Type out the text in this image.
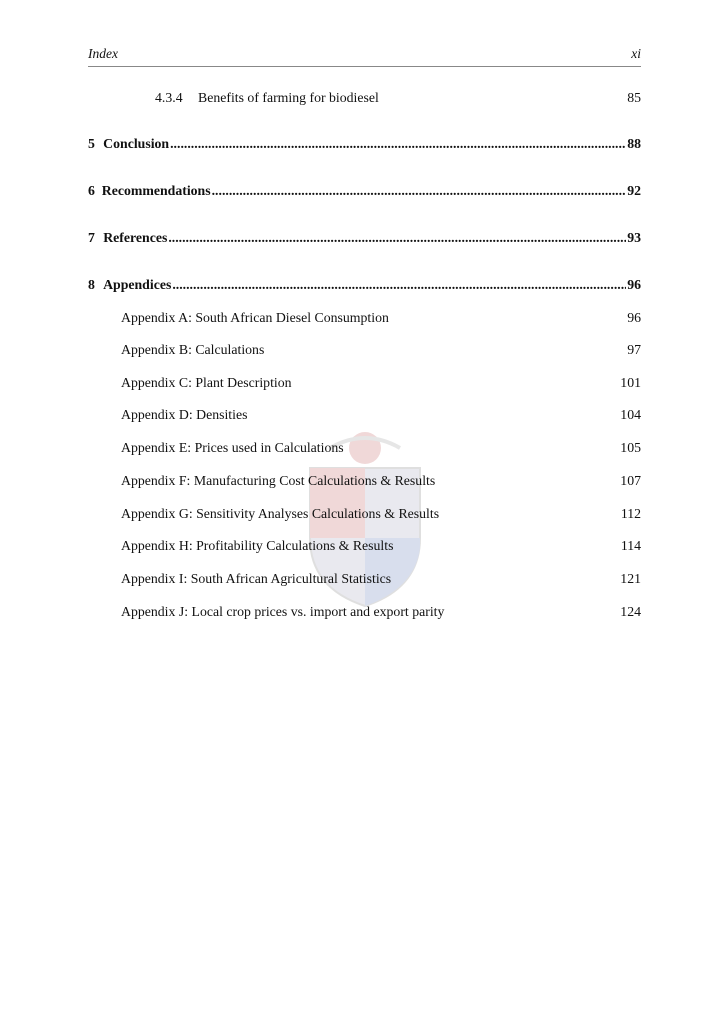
Index	xi
4.3.4	Benefits of farming for biodiesel	85
5 Conclusion .....	88
6 Recommendations .....	92
7 References .....	93
8 Appendices .....	96
Appendix A: South African Diesel Consumption	96
Appendix B: Calculations	97
Appendix C: Plant Description	101
Appendix D: Densities	104
Appendix E: Prices used in Calculations	105
Appendix F: Manufacturing Cost Calculations & Results	107
Appendix G: Sensitivity Analyses Calculations & Results	112
Appendix H: Profitability Calculations & Results	114
Appendix I: South African Agricultural Statistics	121
Appendix J: Local crop prices vs. import and export parity	124
